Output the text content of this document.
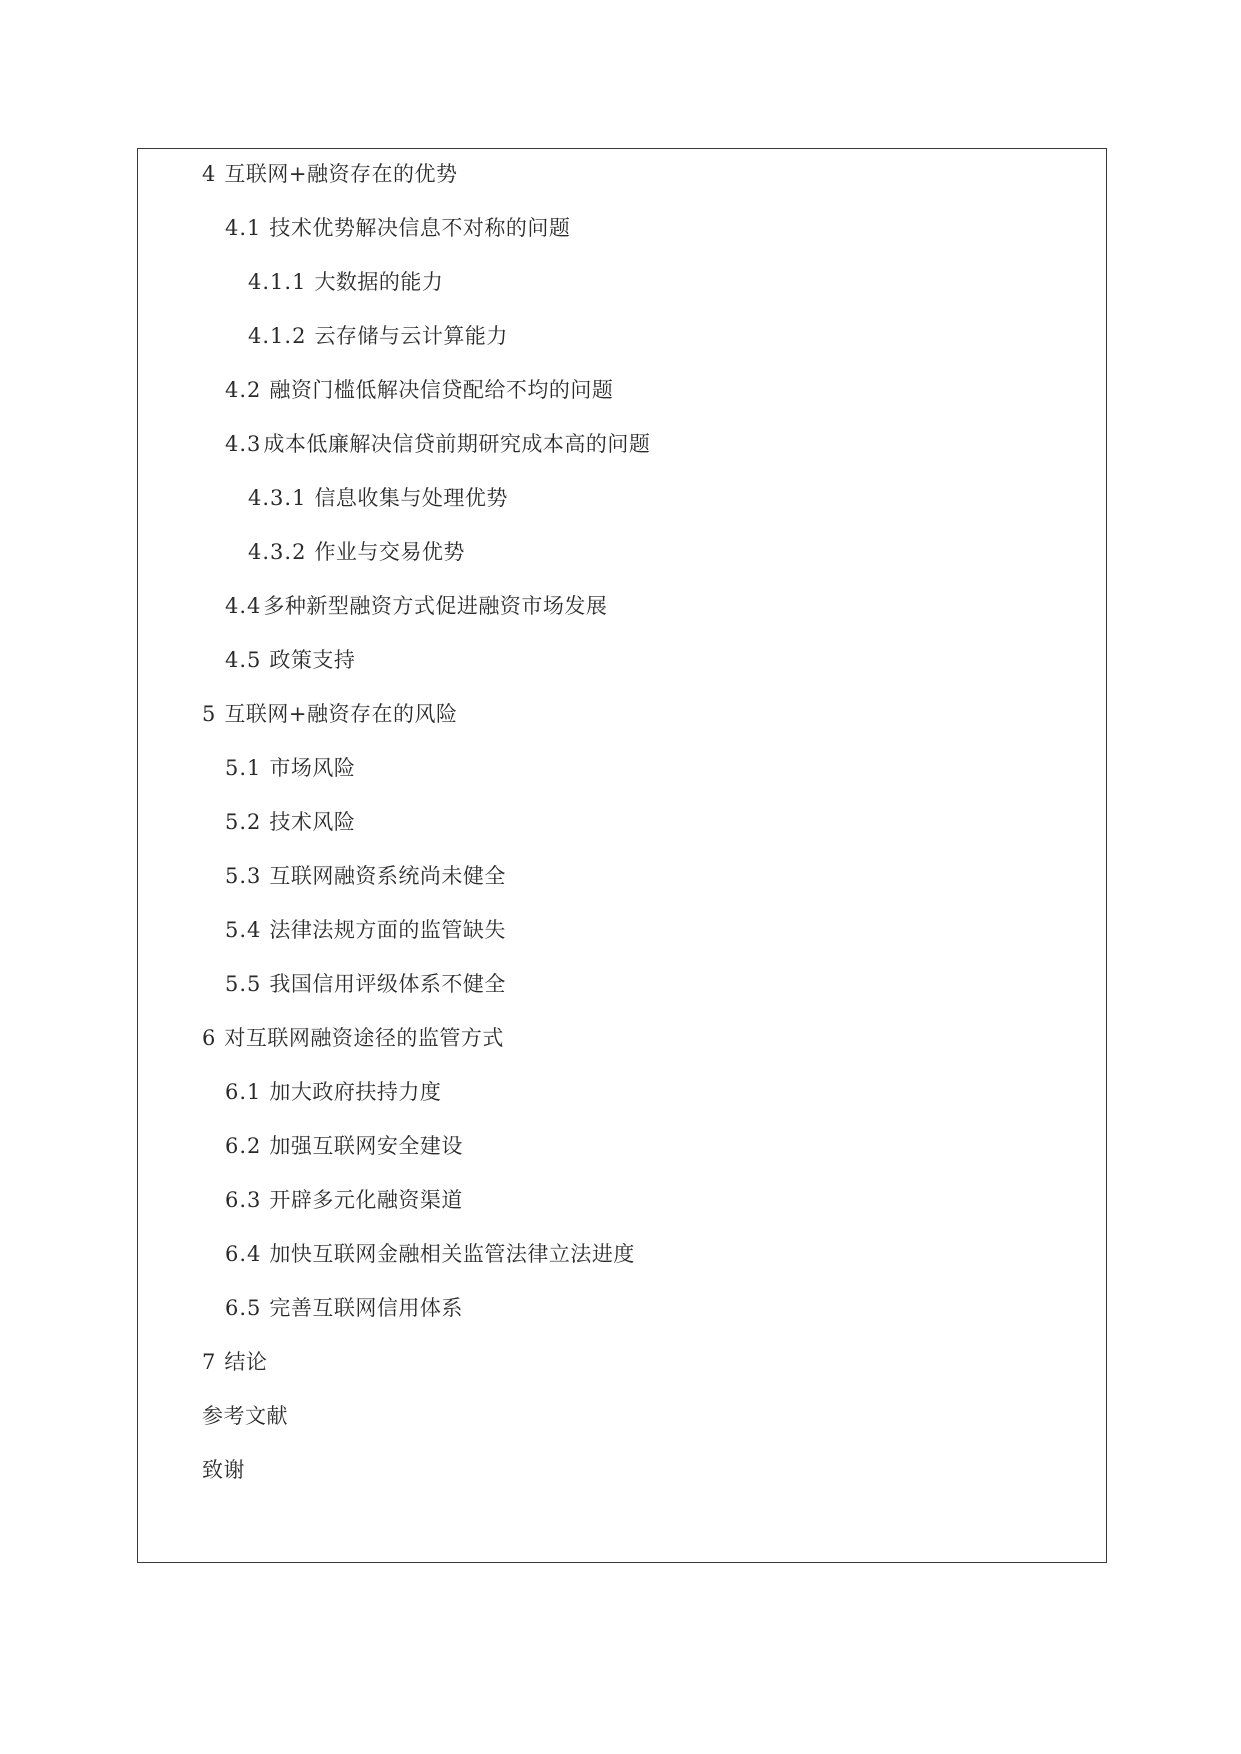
4 互联网+融资存在的优势
4.1 技术优势解决信息不对称的问题
4.1.1 大数据的能力
4.1.2 云存储与云计算能力
4.2 融资门槛低解决信贷配给不均的问题
4.3成本低廉解决信贷前期研究成本高的问题
4.3.1 信息收集与处理优势
4.3.2 作业与交易优势
4.4多种新型融资方式促进融资市场发展
4.5 政策支持
5 互联网+融资存在的风险
5.1 市场风险
5.2 技术风险
5.3 互联网融资系统尚未健全
5.4 法律法规方面的监管缺失
5.5 我国信用评级体系不健全
6 对互联网融资途径的监管方式
6.1 加大政府扶持力度
6.2 加强互联网安全建设
6.3 开辟多元化融资渠道
6.4 加快互联网金融相关监管法律立法进度
6.5 完善互联网信用体系
7 结论
参考文献
致谢
